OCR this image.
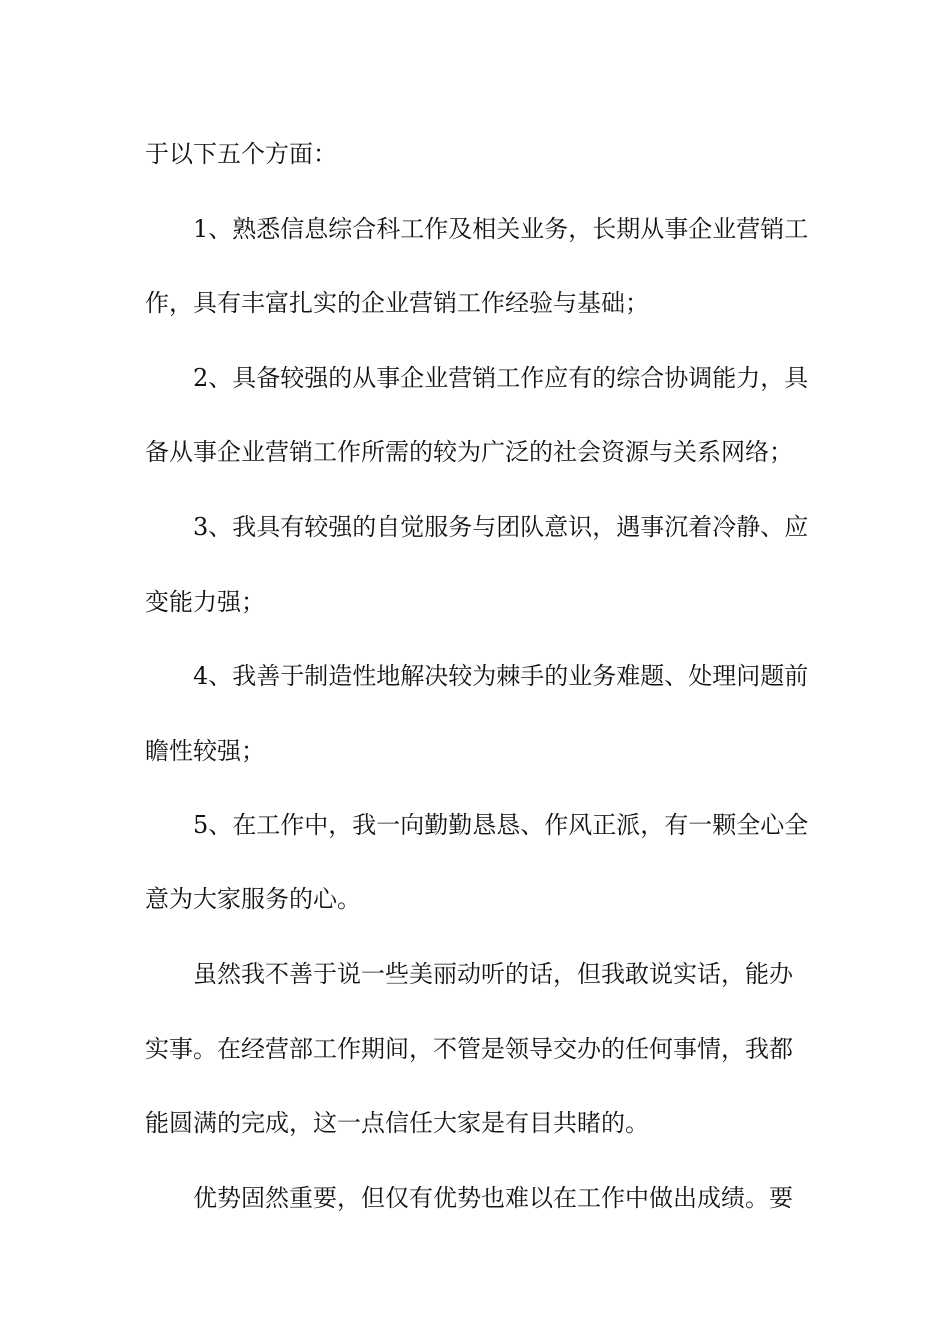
于以下五个方面：
1、熟悉信息综合科工作及相关业务，长期从事企业营销工
作，具有丰富扎实的企业营销工作经验与基础；
2、具备较强的从事企业营销工作应有的综合协调能力，具
备从事企业营销工作所需的较为广泛的社会资源与关系网络；
3、我具有较强的自觉服务与团队意识，遇事沉着冷静、应
变能力强；
4、我善于制造性地解决较为棘手的业务难题、处理问题前
瞻性较强；
5、在工作中，我一向勤勤恳恳、作风正派，有一颗全心全
意为大家服务的心。
虽然我不善于说一些美丽动听的话，但我敢说实话，能办
实事。在经营部工作期间，不管是领导交办的任何事情，我都
能圆满的完成，这一点信任大家是有目共睹的。
优势固然重要，但仅有优势也难以在工作中做出成绩。要
